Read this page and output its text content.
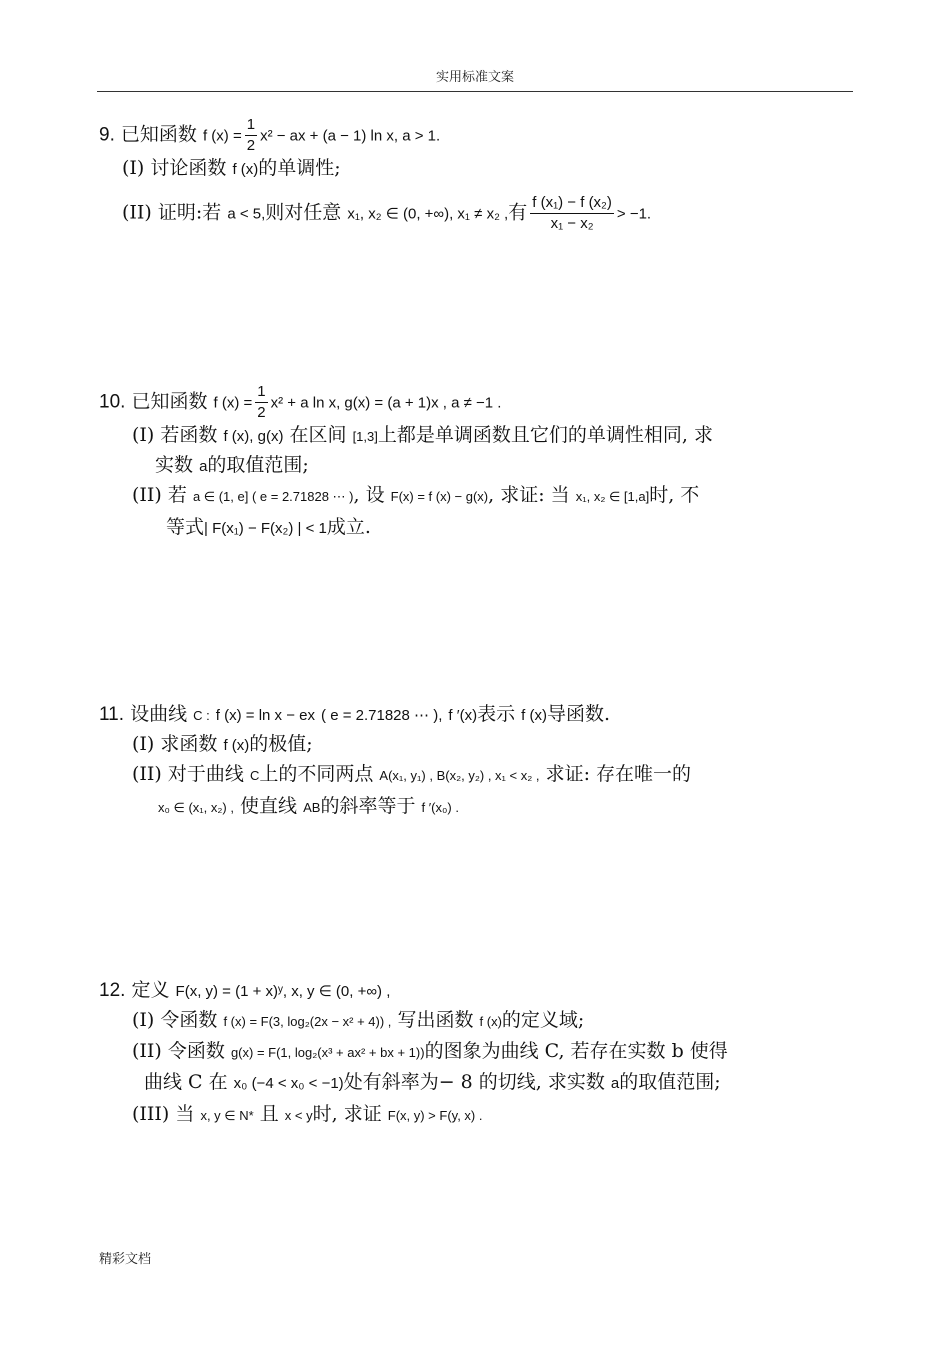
实用标准文案
9. 已知函数 f $(x) = \frac{1}{2} x^2$ − ax + (a − 1) ln x, a > 1.
(I) 讨论函数 f (x)的单调性;
(II) 证明:若 a < 5,则对任意 x₁, x₂ ∈ (0, +∞), x₁ ≠ x₂ ,有 $\frac{\text{f (x₁) − f (x₂)}}{\text{x₁ − x₂}} > -1$.
10. 已知函数 f $(x) = \frac{1}{2} x^2 + a$ ln x, g(x) = (a + 1)x , a ≠ −1 .
(I) 若函数 f (x), g(x) 在区间 [1,3]上都是单调函数且它们的单调性相同, 求
实数 a的取值范围;
(II) 若 a ∈ (1, e] ( e = 2.71828 ⋯ ), 设 F(x) = f (x) − g(x), 求证: 当 x₁, x₂ ∈ [1,a]时, 不
等式| F(x₁) − F(x₂) | < 1成立.
11. 设曲线 C : f (x) = ln x − ex ( e = 2.71828 ⋯ ), f ′(x)表示 f (x)导函数.
(I) 求函数 f (x)的极值;
(II) 对于曲线 C上的不同两点 A(x₁, y₁) , B(x₂, y₂) , x₁ < x₂ , 求证: 存在唯一的
x₀ ∈ (x₁, x₂) , 使直线 AB的斜率等于 f ′(x₀) .
12. 定义 F(x, y) = (1 + x)ʸ, x, y ∈ (0, +∞) ,
(I) 令函数 f (x) = F(3, log₂(2x − x² + 4)) , 写出函数 f (x)的定义域;
(II) 令函数 g(x) = F(1, log₂(x³ + ax² + bx + 1))的图象为曲线 C, 若存在实数 b 使得
曲线 C 在 x₀ (−4 < x₀ < −1)处有斜率为− 8 的切线, 求实数 a的取值范围;
(III) 当 x, y ∈ N* 且 x < y时, 求证 F(x, y) > F(y, x) .
精彩文档
